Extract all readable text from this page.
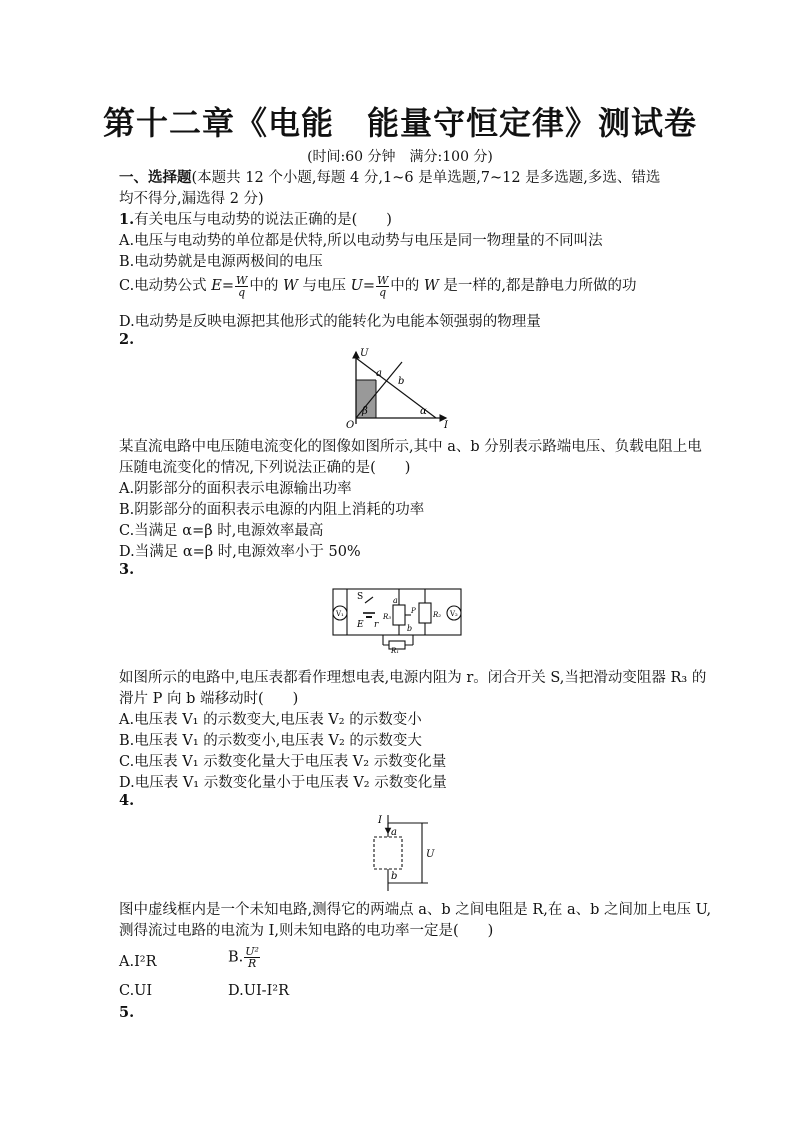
第十二章《电能　能量守恒定律》测试卷
(时间:60 分钟　满分:100 分)
一、选择题(本题共 12 个小题,每题 4 分,1~6 是单选题,7~12 是多选题,多选、错选
均不得分,漏选得 2 分)
1.有关电压与电动势的说法正确的是(　　)
A.电压与电动势的单位都是伏特,所以电动势与电压是同一物理量的不同叫法
B.电动势就是电源两极间的电压
C.电动势公式 $E= \frac{W}{q}$ 中的 W 与电压 $U= \frac{W}{q}$ 中的 W 是一样的,都是静电力所做的功
D.电动势是反映电源把其他形式的能转化为电能本领强弱的物理量
2.
U
I
O
a
b
β	α
某直流电路中电压随电流变化的图像如图所示,其中 a、b 分别表示路端电压、负载电阻上电
压随电流变化的情况,下列说法正确的是(　　)
A.阴影部分的面积表示电源输出功率
B.阴影部分的面积表示电源的内阻上消耗的功率
C.当满足 α=β 时,电源效率最高
D.当满足 α=β 时,电源效率小于 50%
3.
V₁	V₂
S
E r
a
b
R₃
P R₂
R₁
如图所示的电路中,电压表都看作理想电表,电源内阻为 r。闭合开关 S,当把滑动变阻器 R₃ 的
滑片 P 向 b 端移动时(　　)
A.电压表 V₁ 的示数变大,电压表 V₂ 的示数变小
B.电压表 V₁ 的示数变小,电压表 V₂ 的示数变大
C.电压表 V₁ 示数变化量大于电压表 V₂ 示数变化量
D.电压表 V₁ 示数变化量小于电压表 V₂ 示数变化量
4.
I
a
b
U
图中虚线框内是一个未知电路,测得它的两端点 a、b 之间电阻是 R,在 a、b 之间加上电压 U,
测得流过电路的电流为 I,则未知电路的电功率一定是(　　)
A.I²R	B. $\frac{\text{U²}}{R}$
C.UI	D.UI-I²R
5.
